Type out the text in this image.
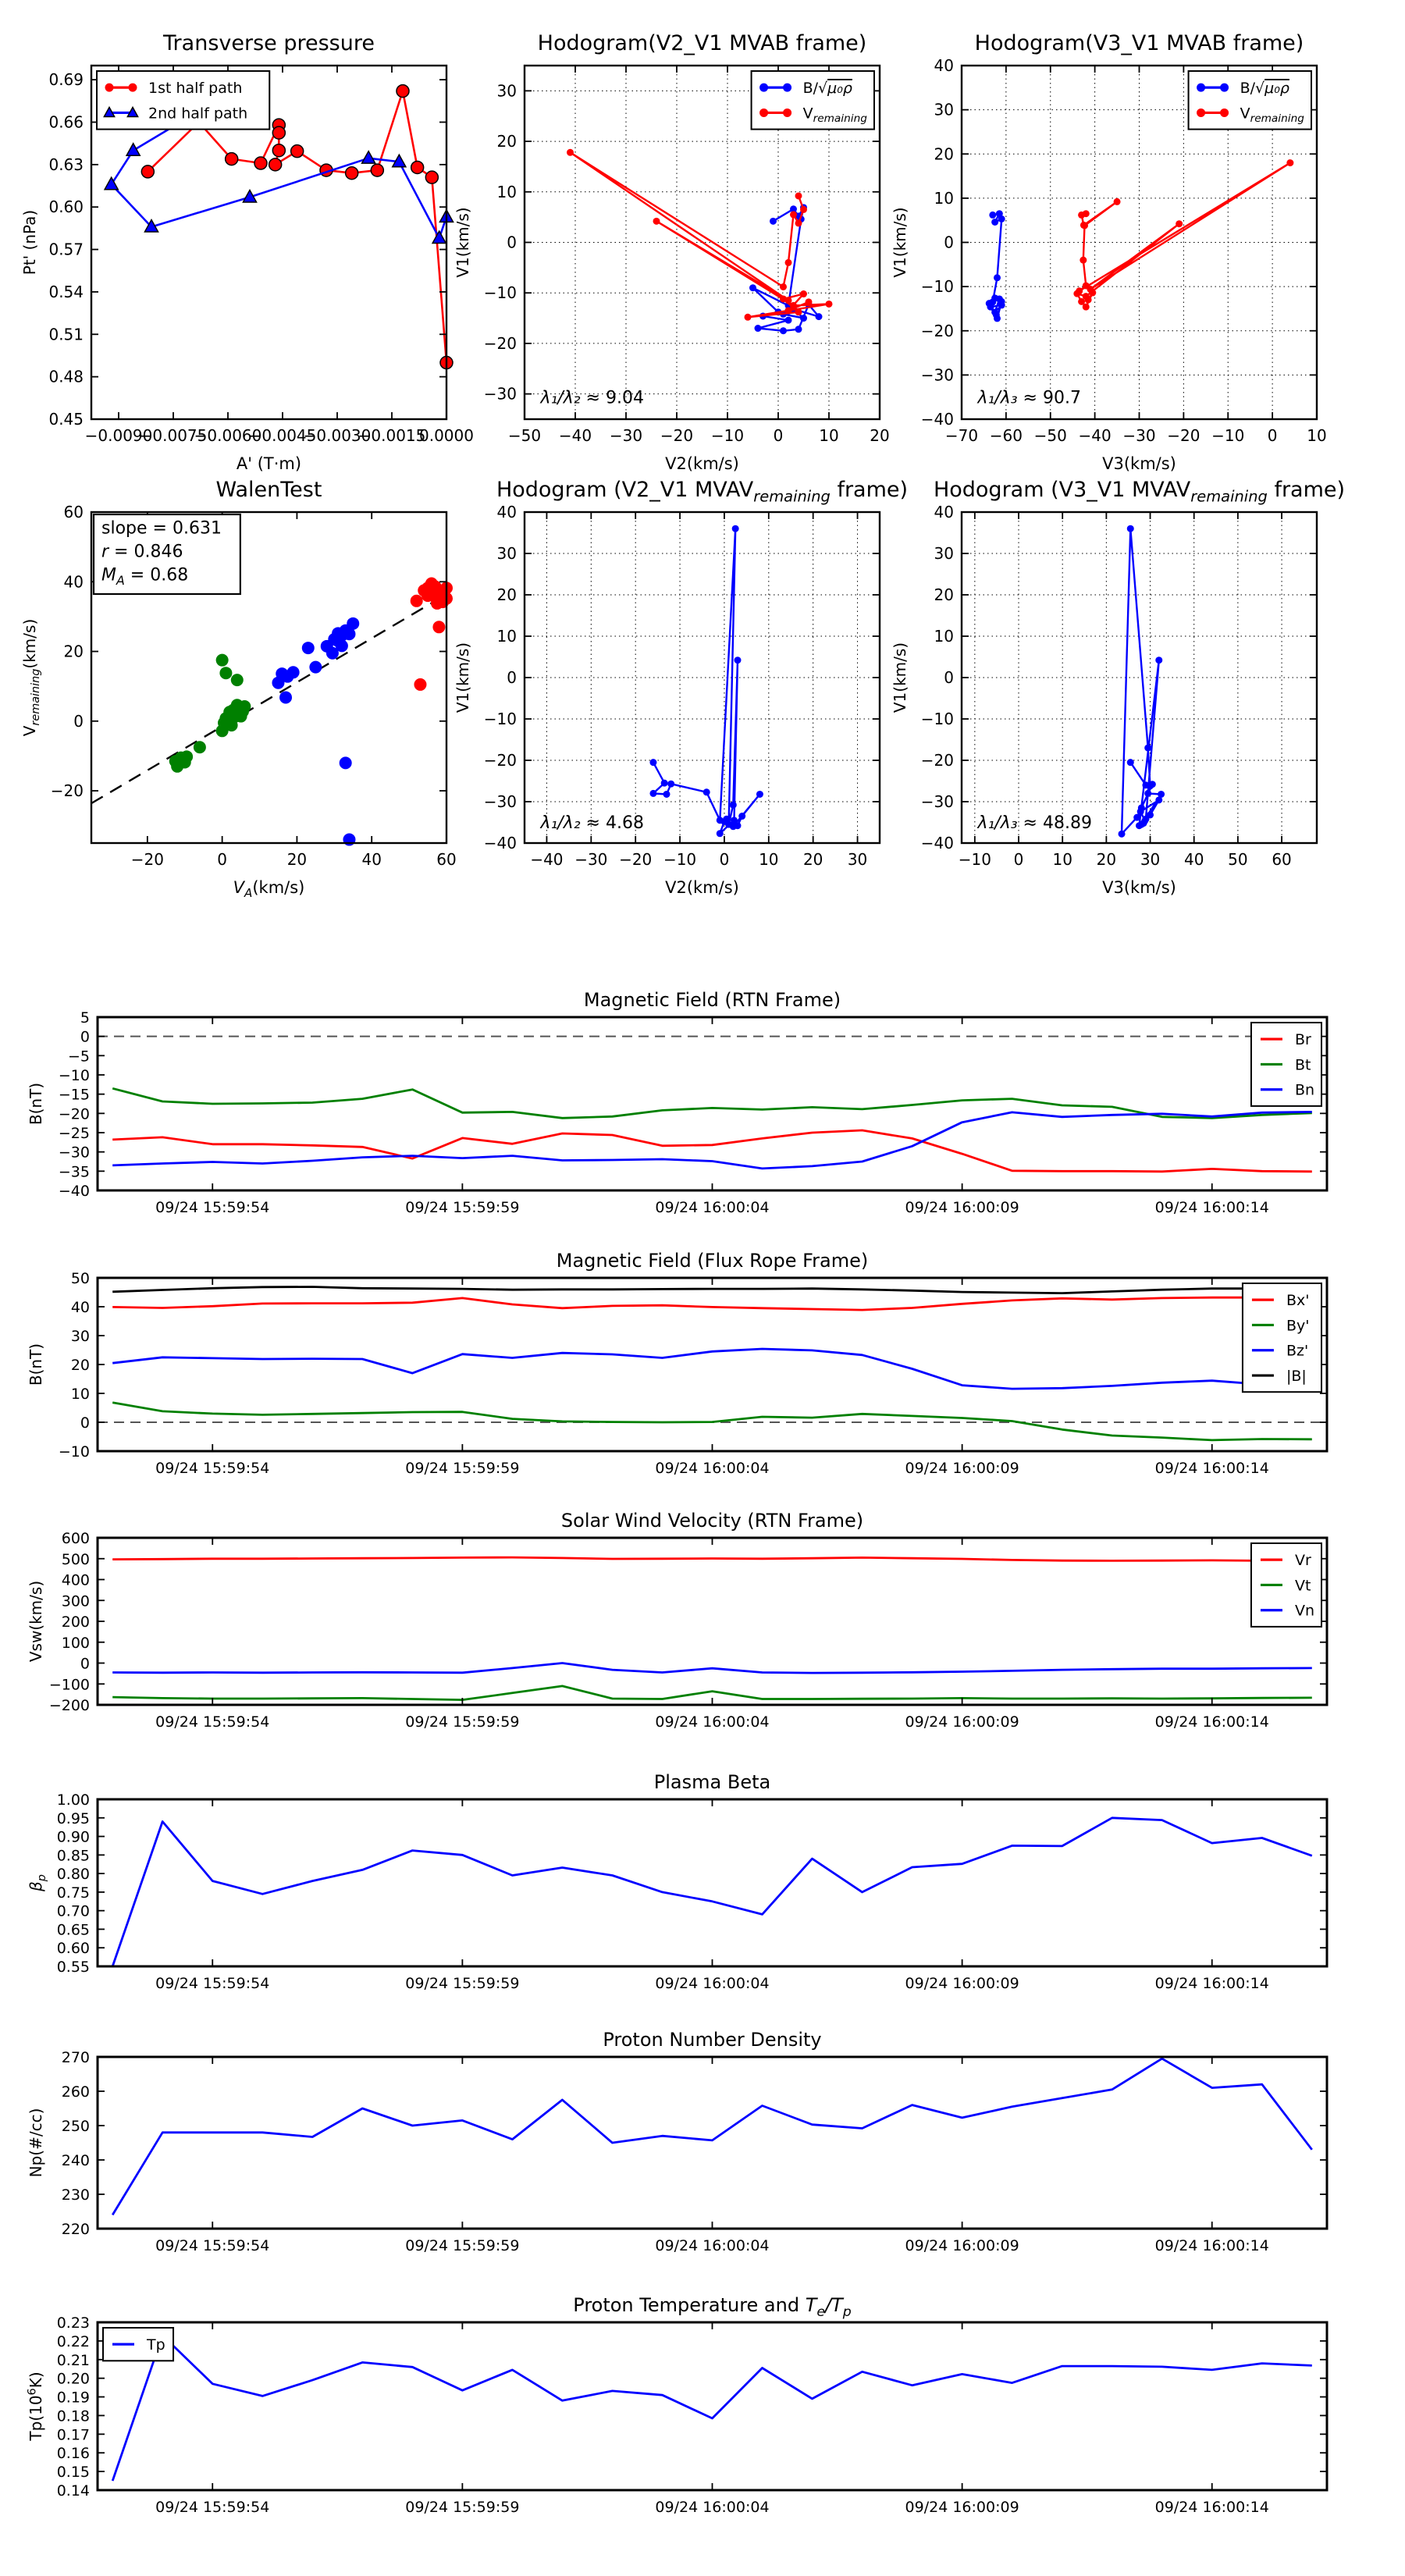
−0.0090
−0.0075
−0.0060
−0.0045
−0.0030
−0.0015
0.0000
0.45
0.48
0.51
0.54
0.57
0.60
0.63
0.66
0.69
Transverse pressure
A' (T·m)
Pt' (nPa)
1st half path
2nd half path
−50 −40 −30 −20 −10 0 10 20
−30
−20
−10
0
10
20
30
Hodogram(V2_V1 MVAB frame)
V2(km/s)
V1(km/s)
λ₁/λ₂ ≈ 9.04
B/√μ₀ρ
$V_{remaining}$
−70 −60 −50 −40 −30 −20 −10 0 10
−40
−30
−20
−10
0
10
20
30
40
Hodogram(V3_V1 MVAB frame)
V3(km/s)
V1(km/s)
λ₁/λ₃ ≈ 90.7
B/√μ₀ρ
$V_{remaining}$
−20	0	20	40	60
−20
0
20
40
60
WalenTest
$V_A(km/s)$
$V_{remaining}(km/s)$
slope = 0.631
r = 0.846
$M_A = 0.68$
−40 −30 −20 −10 0 10 20 30
−40
−30
−20
−10
0
10
20
30
40
Hodogram (V2_V1 $MVAV_{remaining}$ frame)
V2(km/s)
V1(km/s)
λ₁/λ₂ ≈ 4.68
−10 0 10 20 30 40 50 60
−40
−30
−20
−10
0
10
20
30
40
Hodogram (V3_V1 $MVAV_{remaining}$ frame)
V3(km/s)
V1(km/s)
λ₁/λ₃ ≈ 48.89
09/24 15:59:54	09/24 15:59:59	09/24 16:00:04	09/24 16:00:09	09/24 16:00:14
−40
−35
−30
−25
−20
−15
−10
−5
0
5
Magnetic Field (RTN Frame)
B(nT)
Br
Bt
Bn
09/24 15:59:54	09/24 15:59:59	09/24 16:00:04	09/24 16:00:09	09/24 16:00:14
−10
0
10
20
30
40
50
Magnetic Field (Flux Rope Frame)
B(nT)
Bx'
By'
Bz'
|B|
09/24 15:59:54	09/24 15:59:59	09/24 16:00:04	09/24 16:00:09	09/24 16:00:14
−200
−100
0
100
200
300
400
500
600
Solar Wind Velocity (RTN Frame)
Vsw(km/s)
Vr
Vt
Vn
09/24 15:59:54	09/24 15:59:59	09/24 16:00:04	09/24 16:00:09	09/24 16:00:14
0.55
0.60
0.65
0.70
0.75
0.80
0.85
0.90
0.95
1.00
Plasma Beta
$\beta_p$
09/24 15:59:54	09/24 15:59:59	09/24 16:00:04	09/24 16:00:09	09/24 16:00:14
220
230
240
250
260
270
Proton Number Density
Np(#/cc)
09/24 15:59:54	09/24 15:59:59	09/24 16:00:04	09/24 16:00:09	09/24 16:00:14
0.14
0.15
0.16
0.17
0.18
0.19
0.20
0.21
0.22
0.23
Proton Temperature and $T_e/T_p$
$Tp(10^6K)$
Tp
